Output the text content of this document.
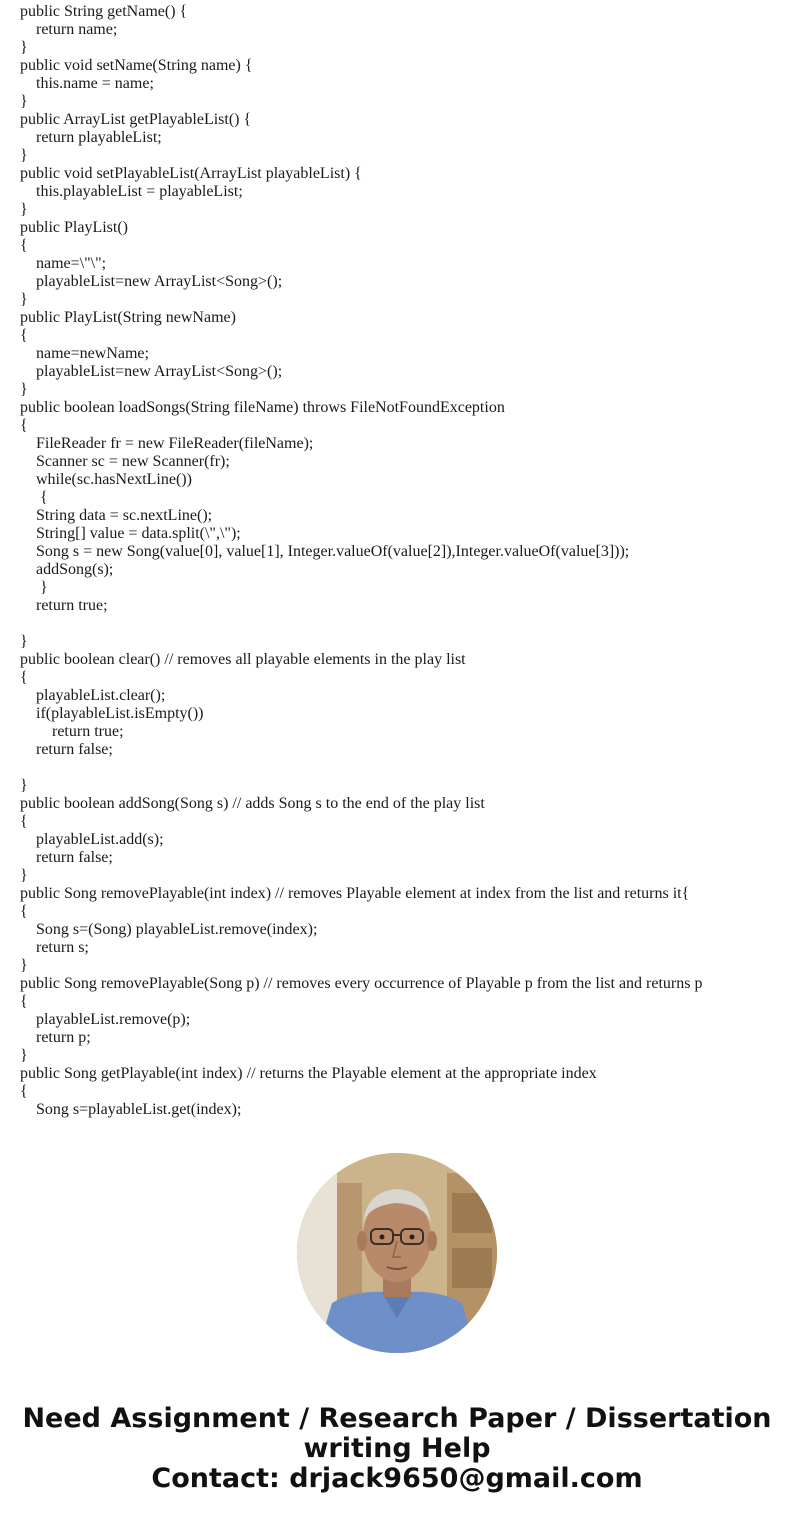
public String getName() {
return name;
}
public void setName(String name) {
this.name = name;
}
public ArrayList getPlayableList() {
return playableList;
}
public void setPlayableList(ArrayList playableList) {
this.playableList = playableList;
}
public PlayList()
{
name=\"\";
playableList=new ArrayList<Song>();
}
public PlayList(String newName)
{
name=newName;
playableList=new ArrayList<Song>();
}
public boolean loadSongs(String fileName) throws FileNotFoundException
{
FileReader fr = new FileReader(fileName);
Scanner sc = new Scanner(fr);
while(sc.hasNextLine())
{
String data = sc.nextLine();
String[] value = data.split(\",\");
Song s = new Song(value[0], value[1], Integer.valueOf(value[2]),Integer.valueOf(value[3]));
addSong(s);
}
return true;
}
public boolean clear() // removes all playable elements in the play list
{
playableList.clear();
if(playableList.isEmpty())
return true;
return false;
}
public boolean addSong(Song s) // adds Song s to the end of the play list
{
playableList.add(s);
return false;
}
public Song removePlayable(int index) // removes Playable element at index from the list and returns it{
{
Song s=(Song) playableList.remove(index);
return s;
}
public Song removePlayable(Song p) // removes every occurrence of Playable p from the list and returns p
{
playableList.remove(p);
return p;
}
public Song getPlayable(int index) // returns the Playable element at the appropriate index
{
Song s=playableList.get(index);
Need Assignment / Research Paper / Dissertation
writing Help
Contact: drjack9650@gmail.com
